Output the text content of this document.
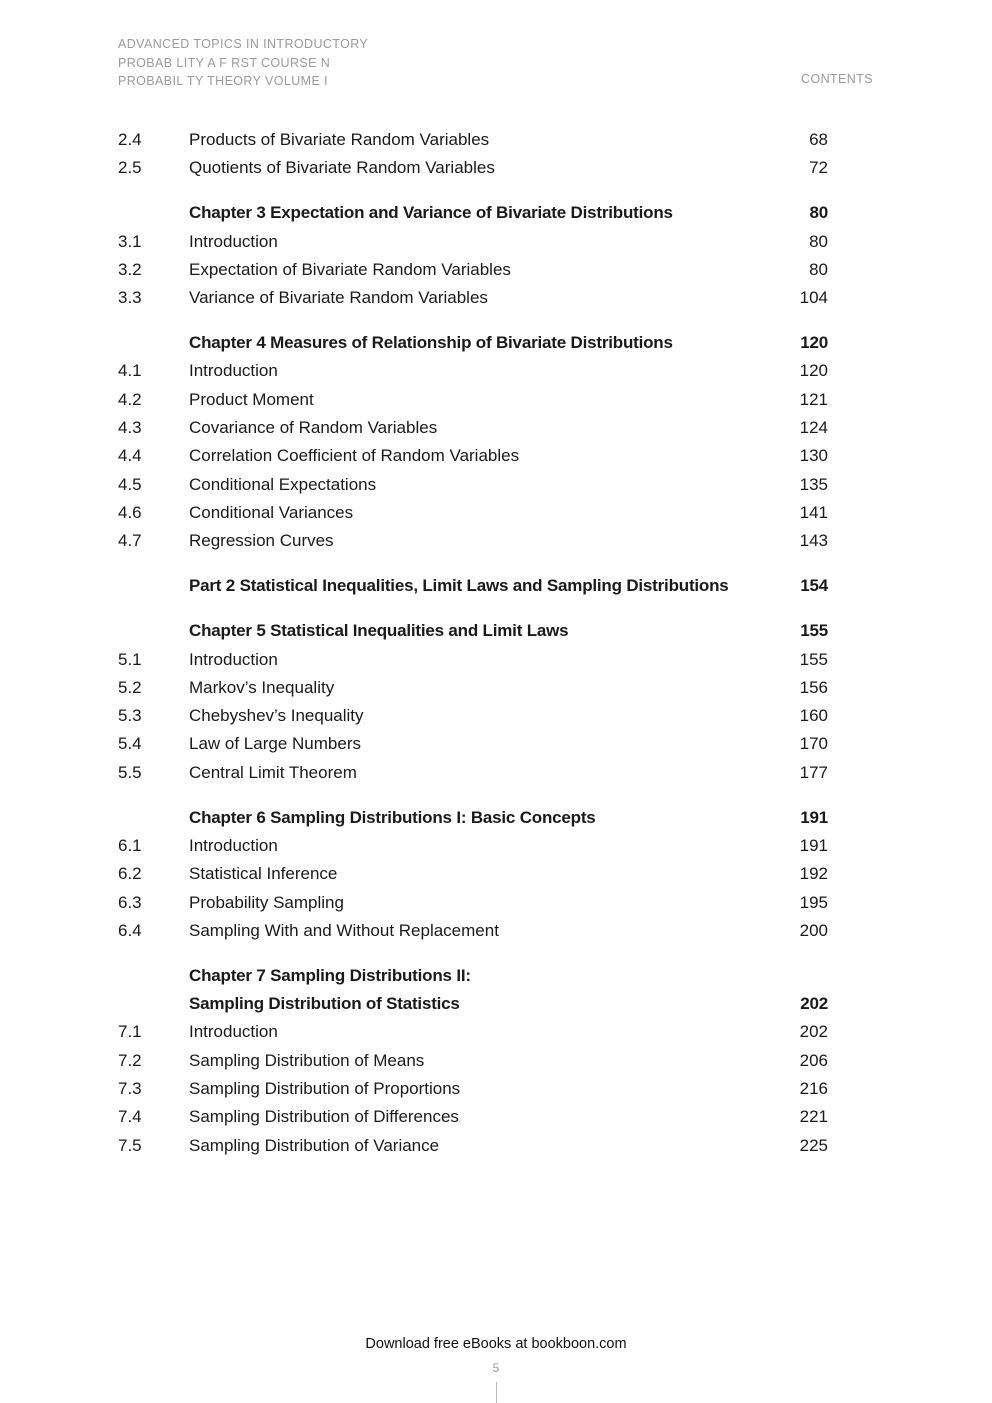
ADVANCED TOPICS IN INTRODUCTORY
PROBAB LITY A F RST COURSE N
PROBABIL TY THEORY VOLUME I	CONTENTS
2.4	Products of Bivariate Random Variables	68
2.5	Quotients of Bivariate Random Variables	72
Chapter 3 Expectation and Variance of Bivariate Distributions	80
3.1	Introduction	80
3.2	Expectation of Bivariate Random Variables	80
3.3	Variance of Bivariate Random Variables	104
Chapter 4 Measures of Relationship of Bivariate Distributions	120
4.1	Introduction	120
4.2	Product Moment	121
4.3	Covariance of Random Variables	124
4.4	Correlation Coefficient of Random Variables	130
4.5	Conditional Expectations	135
4.6	Conditional Variances	141
4.7	Regression Curves	143
Part 2 Statistical Inequalities, Limit Laws and Sampling Distributions	154
Chapter 5 Statistical Inequalities and Limit Laws	155
5.1	Introduction	155
5.2	Markov’s Inequality	156
5.3	Chebyshev’s Inequality	160
5.4	Law of Large Numbers	170
5.5	Central Limit Theorem	177
Chapter 6 Sampling Distributions I: Basic Concepts	191
6.1	Introduction	191
6.2	Statistical Inference	192
6.3	Probability Sampling	195
6.4	Sampling With and Without Replacement	200
Chapter 7 Sampling Distributions II:
Sampling Distribution of Statistics	202
7.1	Introduction	202
7.2	Sampling Distribution of Means	206
7.3	Sampling Distribution of Proportions	216
7.4	Sampling Distribution of Differences	221
7.5	Sampling Distribution of Variance	225
Download free eBooks at bookboon.com
5
